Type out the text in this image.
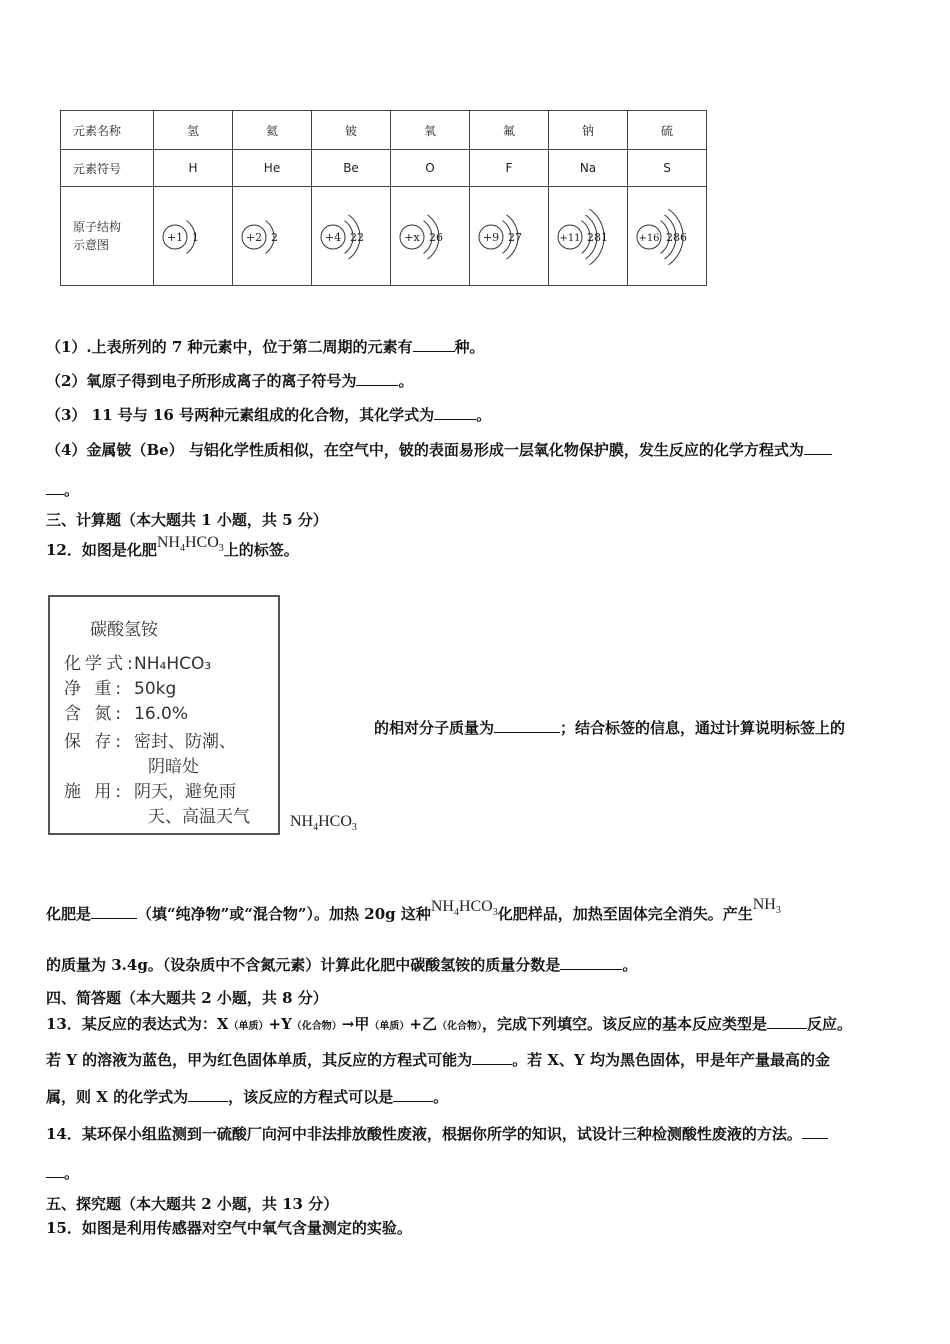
元素名称	氢	氦	铍	氧	氟	钠	硫
元素符号	H	He	Be	O	F	Na	S

原子结构
示意图	+1 1	+2 2	+4 2 2	+x 2 6	+9 2 7	+11 2 8 1	+16 2 8 6
（1）.上表所列的 7 种元素中，位于第二周期的元素有	种。
（2）氧原子得到电子所形成离子的离子符号为	。
（3） 11 号与 16 号两种元素组成的化合物，其化学式为	。
（4）金属铍（Be） 与铝化学性质相似，在空气中，铍的表面易形成一层氧化物保护膜，发生反应的化学方程式为
。
三、计算题（本大题共 1 小题，共 5 分）
12．如图是化肥$NH_4HCO_3$上的标签。
碳酸氢铵
化学式:NH₄HCO₃
净 重: 50kg
含 氮: 16.0%
保 存: 密封、防潮、
阴暗处
施 用: 阴天，避免雨
天、高温天气	$NH_4HCO_3$
的相对分子质量为	；结合标签的信息，通过计算说明标签上的
化肥是	（填“纯净物”或“混合物”）。加热 20g 这种$NH_4HCO_3$化肥样品，加热至固体完全消失。产生$NH_3$
的质量为 3.4g。（设杂质中不含氮元素）计算此化肥中碳酸氢铵的质量分数是	。
四、简答题（本大题共 2 小题，共 8 分）
13．某反应的表达式为：X（单质）+Y（化合物）→甲（单质）+乙（化合物），完成下列填空。该反应的基本反应类型是	反应。
若 Y 的溶液为蓝色，甲为红色固体单质，其反应的方程式可能为	。若 X、Y 均为黑色固体，甲是年产量最高的金
属，则 X 的化学式为	，该反应的方程式可以是	。
14．某环保小组监测到一硫酸厂向河中非法排放酸性废液，根据你所学的知识，试设计三种检测酸性废液的方法。
。
五、探究题（本大题共 2 小题，共 13 分）
15．如图是利用传感器对空气中氧气含量测定的实验。
